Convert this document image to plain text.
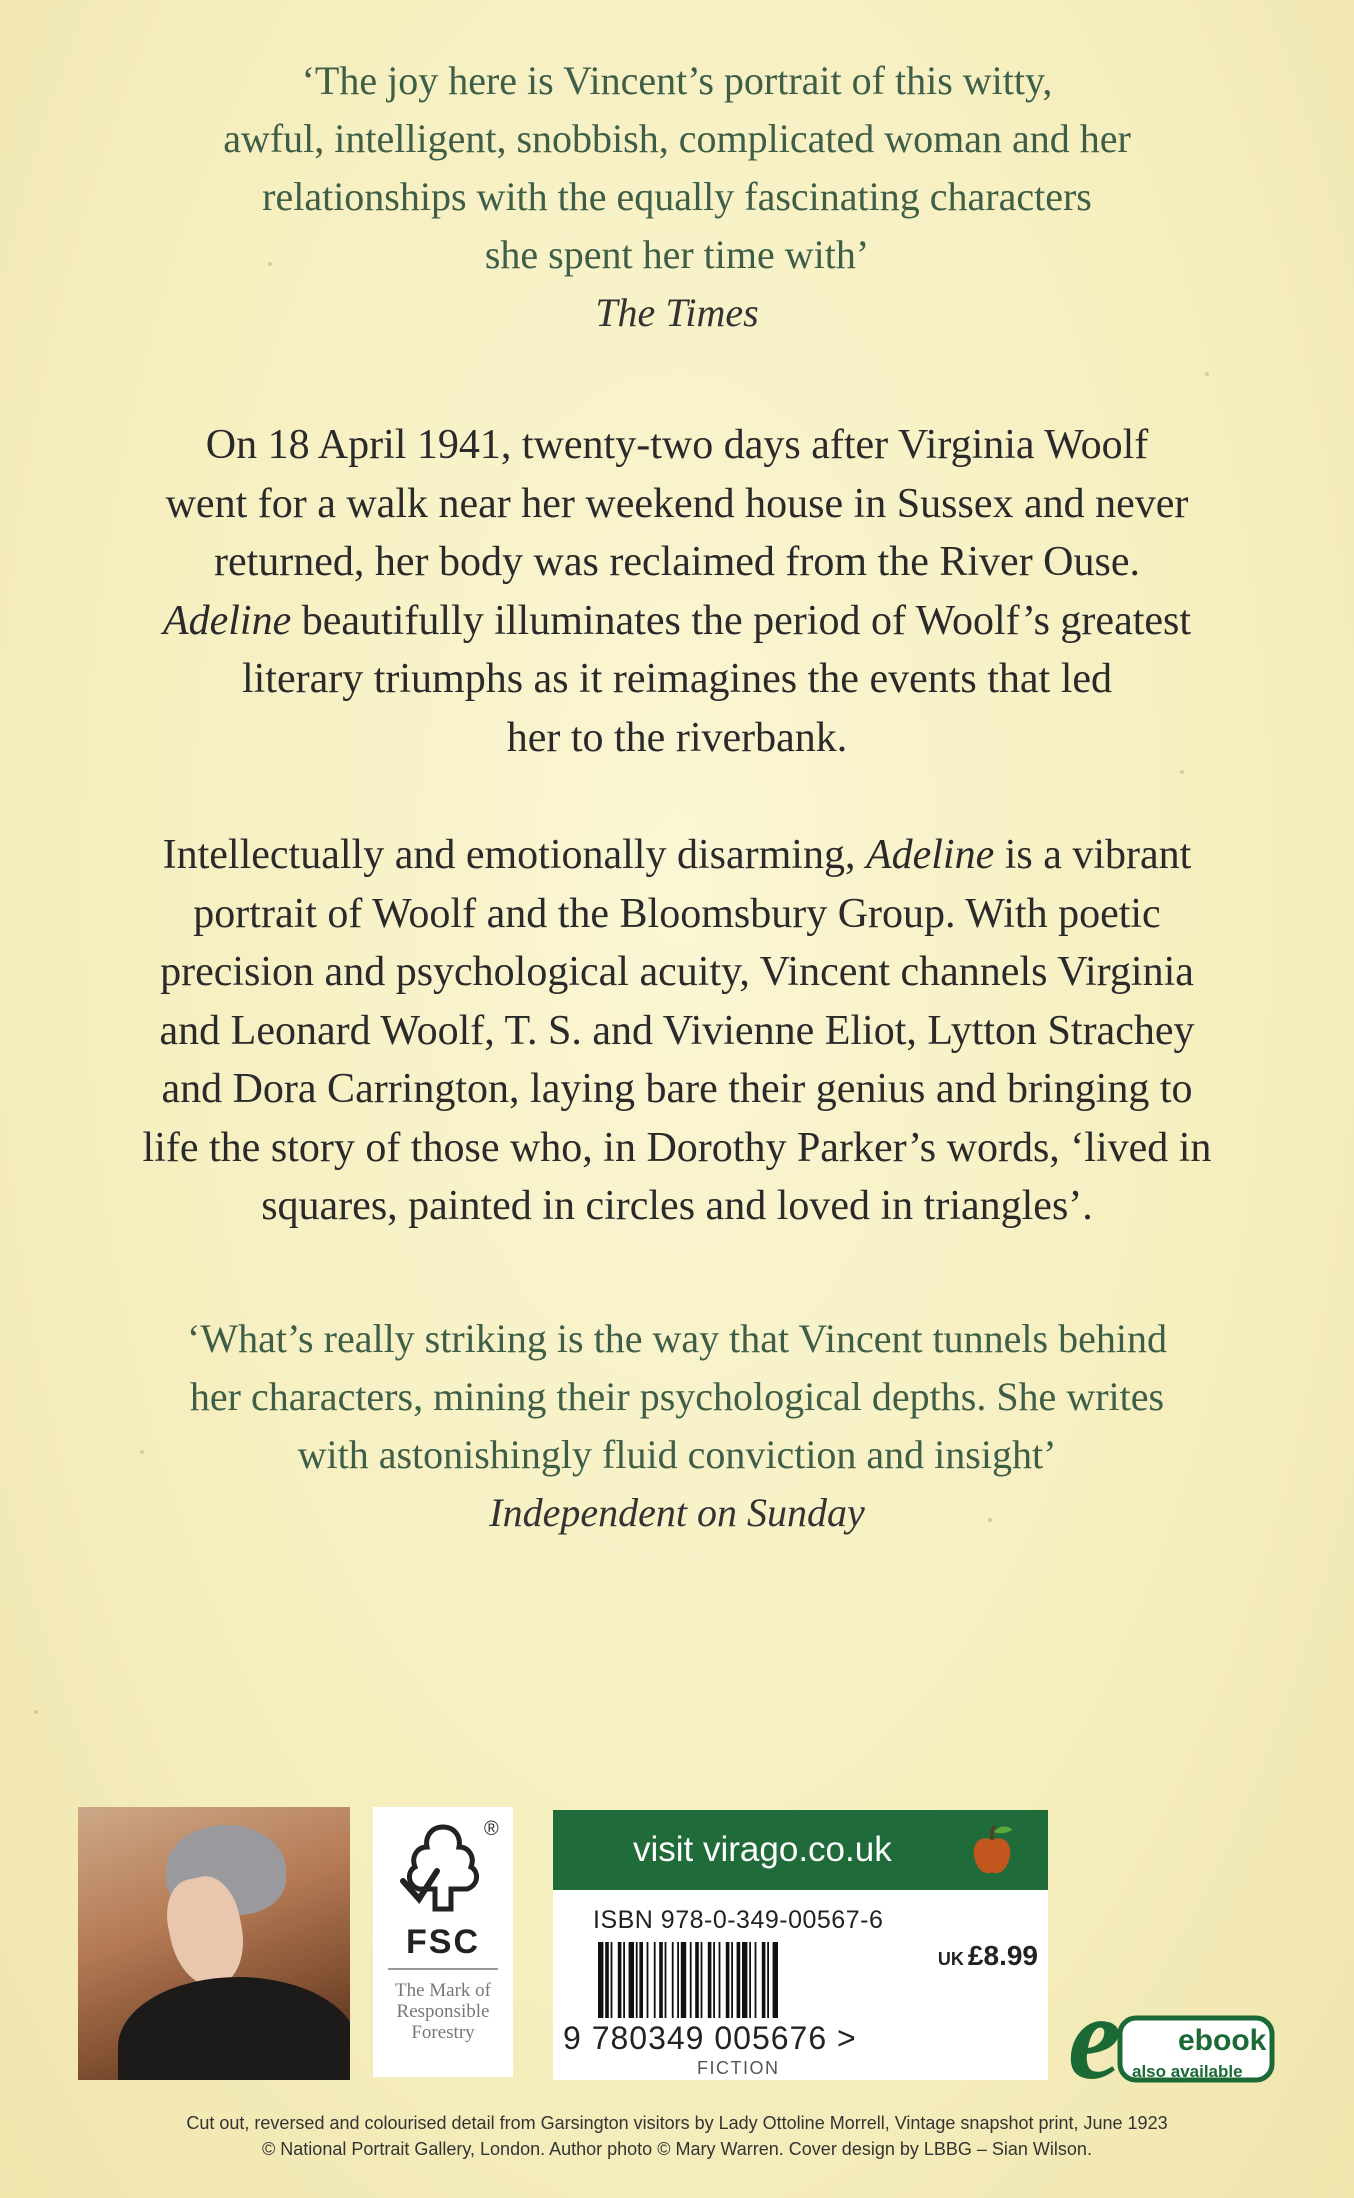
‘The joy here is Vincent’s portrait of this witty,
awful, intelligent, snobbish, complicated woman and her
relationships with the equally fascinating characters
she spent her time with’
The Times
On 18 April 1941, twenty-two days after Virginia Woolf
went for a walk near her weekend house in Sussex and never
returned, her body was reclaimed from the River Ouse.
Adeline beautifully illuminates the period of Woolf’s greatest
literary triumphs as it reimagines the events that led
her to the riverbank.
Intellectually and emotionally disarming, Adeline is a vibrant
portrait of Woolf and the Bloomsbury Group. With poetic
precision and psychological acuity, Vincent channels Virginia
and Leonard Woolf, T. S. and Vivienne Eliot, Lytton Strachey
and Dora Carrington, laying bare their genius and bringing to
life the story of those who, in Dorothy Parker’s words, ‘lived in
squares, painted in circles and loved in triangles’.
‘What’s really striking is the way that Vincent tunnels behind
her characters, mining their psychological depths. She writes
with astonishingly fluid conviction and insight’
Independent on Sunday
FSC
The Mark of
Responsible
Forestry
®
visit virago.co.uk
ISBN 978-0-349-00567-6
UK £8.99
9 780349 005676 >
FICTION e ebook
also available
Cut out, reversed and colourised detail from Garsington visitors by Lady Ottoline Morrell, Vintage snapshot print, June 1923
© National Portrait Gallery, London. Author photo © Mary Warren. Cover design by LBBG – Sian Wilson.
